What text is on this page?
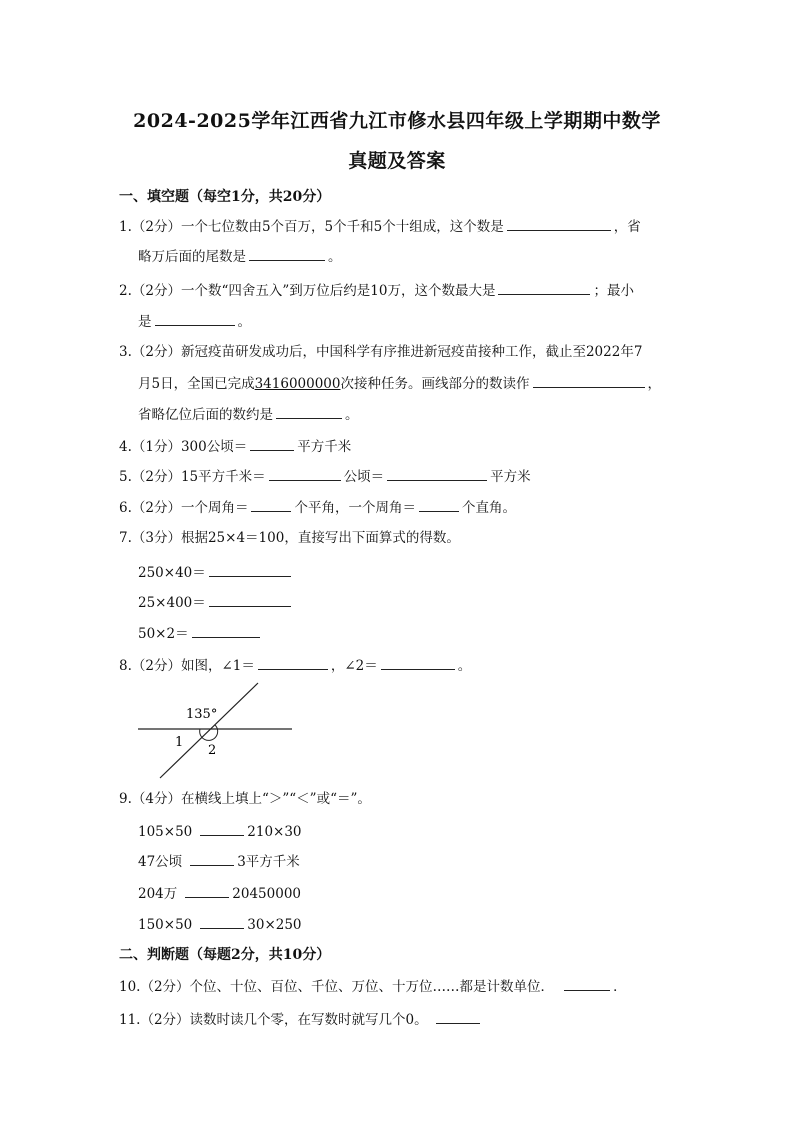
2024-2025学年江西省九江市修水县四年级上学期期中数学
真题及答案
一、填空题（每空1分，共20分）
1.（2分）一个七位数由5个百万，5个千和5个十组成，这个数是	，省
略万后面的尾数是	。
2.（2分）一个数“四舍五入”到万位后约是10万，这个数最大是	；最小
是	。
3.（2分）新冠疫苗研发成功后，中国科学有序推进新冠疫苗接种工作，截止至2022年7
月5日，全国已完成3416000000次接种任务。画线部分的数读作	，
省略亿位后面的数约是	。
4.（1分）300公顷＝	平方千米
5.（2分）15平方千米＝	公顷＝	平方米
6.（2分）一个周角＝	个平角，一个周角＝	个直角。
7.（3分）根据25×4＝100，直接写出下面算式的得数。
250×40＝
25×400＝
50×2＝
8.（2分）如图，∠1＝	，∠2＝	。
135°
1
2
9.（4分）在横线上填上“＞”“＜”或“＝”。
105×50	210×30
47公顷	3平方千米
204万	20450000
150×50	30×250
二、判断题（每题2分，共10分）
10.（2分）个位、十位、百位、千位、万位、十万位……都是计数单位．	．
11.（2分）读数时读几个零，在写数时就写几个0。
